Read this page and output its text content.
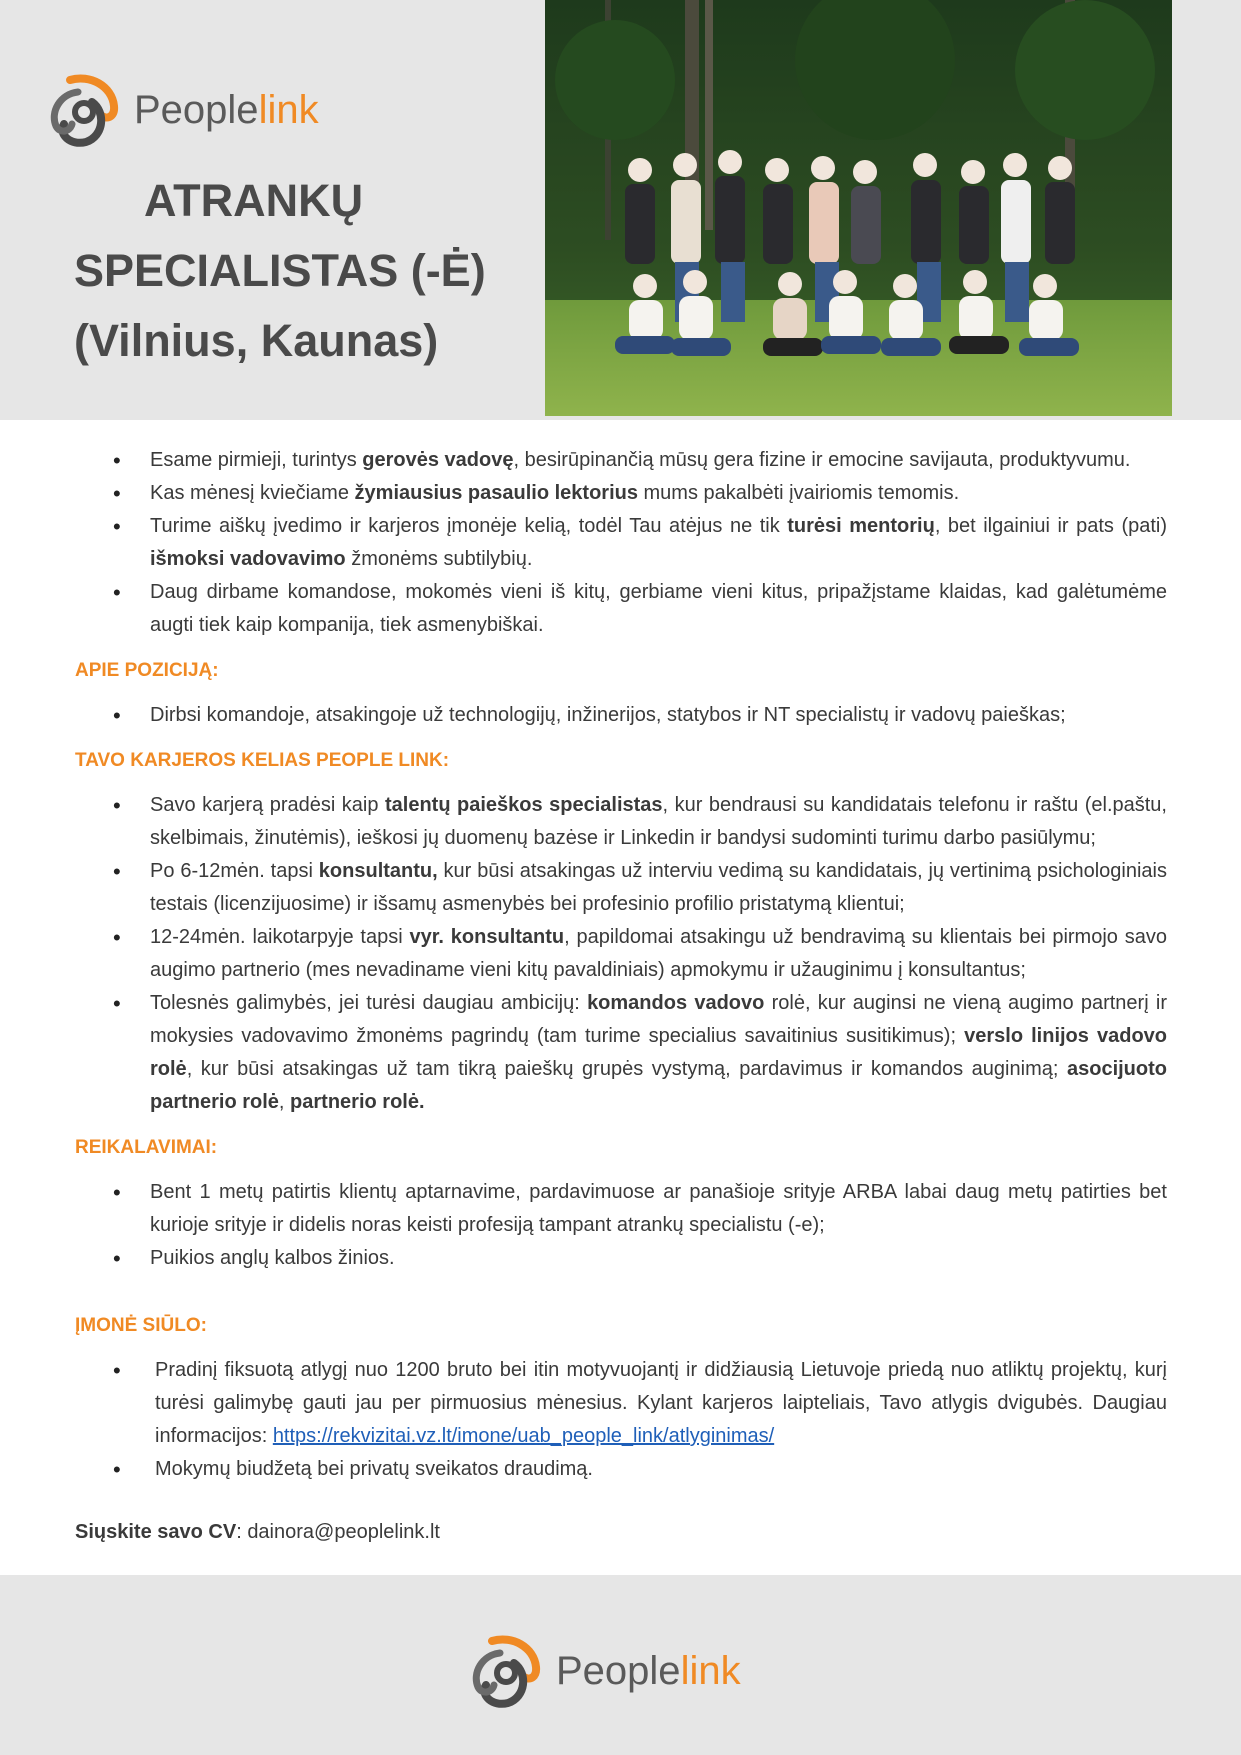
Peoplelink
ATRANKŲ
SPECIALISTAS (-Ė)
(Vilnius, Kaunas)
• Esame pirmieji, turintys gerovės vadovę, besirūpinančią mūsų gera fizine ir emocine savijauta, produktyvumu.
• Kas mėnesį kviečiame žymiausius pasaulio lektorius mums pakalbėti įvairiomis temomis.
• Turime aiškų įvedimo ir karjeros įmonėje kelią, todėl Tau atėjus ne tik turėsi mentorių, bet ilgainiui ir pats (pati) išmoksi vadovavimo žmonėms subtilybių.
• Daug dirbame komandose, mokomės vieni iš kitų, gerbiame vieni kitus, pripažįstame klaidas, kad galėtumėme augti tiek kaip kompanija, tiek asmenybiškai.
APIE POZICIJĄ:
• Dirbsi komandoje, atsakingoje už technologijų, inžinerijos, statybos ir NT specialistų ir vadovų paieškas;
TAVO KARJEROS KELIAS PEOPLE LINK:
• Savo karjerą pradėsi kaip talentų paieškos specialistas, kur bendrausi su kandidatais telefonu ir raštu (el.paštu, skelbimais, žinutėmis), ieškosi jų duomenų bazėse ir Linkedin ir bandysi sudominti turimu darbo pasiūlymu;
• Po 6-12mėn. tapsi konsultantu, kur būsi atsakingas už interviu vedimą su kandidatais, jų vertinimą psichologiniais testais (licenzijuosime) ir išsamų asmenybės bei profesinio profilio pristatymą klientui;
• 12-24mėn. laikotarpyje tapsi vyr. konsultantu, papildomai atsakingu už bendravimą su klientais bei pirmojo savo augimo partnerio (mes nevadiname vieni kitų pavaldiniais) apmokymu ir užauginimu į konsultantus;
• Tolesnės galimybės, jei turėsi daugiau ambicijų: komandos vadovo rolė, kur auginsi ne vieną augimo partnerį ir mokysies vadovavimo žmonėms pagrindų (tam turime specialius savaitinius susitikimus); verslo linijos vadovo rolė, kur būsi atsakingas už tam tikrą paieškų grupės vystymą, pardavimus ir komandos auginimą; asocijuoto partnerio rolė, partnerio rolė.
REIKALAVIMAI:
• Bent 1 metų patirtis klientų aptarnavime, pardavimuose ar panašioje srityje ARBA labai daug metų patirties bet kurioje srityje ir didelis noras keisti profesiją tampant atrankų specialistu (-e);
• Puikios anglų kalbos žinios.
ĮMONĖ SIŪLO:
• Pradinį fiksuotą atlygį nuo 1200 bruto bei itin motyvuojantį ir didžiausią Lietuvoje priedą nuo atliktų projektų, kurį turėsi galimybę gauti jau per pirmuosius mėnesius. Kylant karjeros laipteliais, Tavo atlygis dvigubės. Daugiau informacijos: https://rekvizitai.vz.lt/imone/uab_people_link/atlyginimas/
• Mokymų biudžetą bei privatų sveikatos draudimą.
Siųskite savo CV: dainora@peoplelink.lt
Peoplelink
